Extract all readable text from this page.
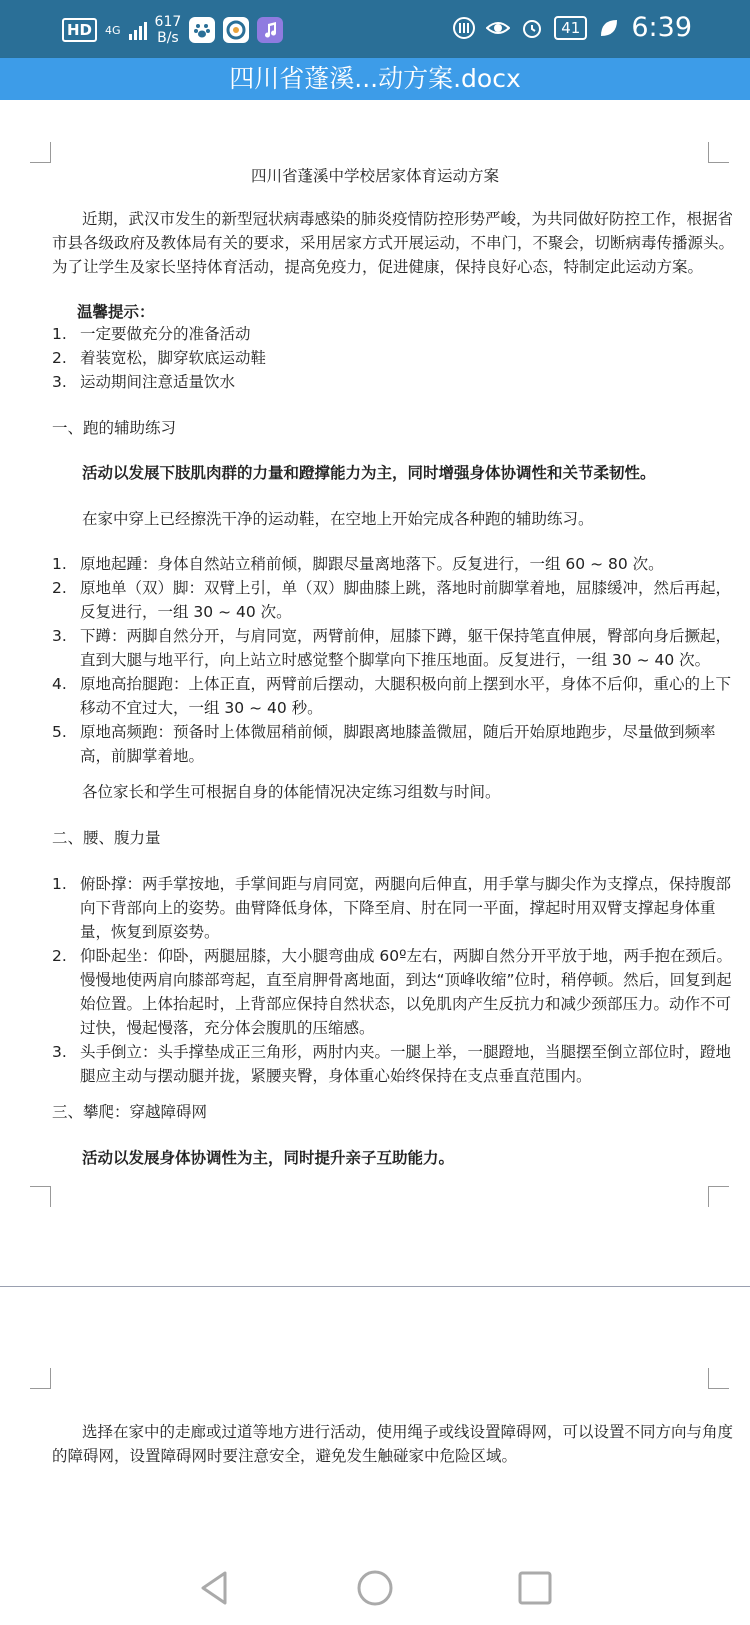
HD	4G 617
B/s
41 6:39
四川省蓬溪...动方案.docx
四川省蓬溪中学校居家体育运动方案
近期，武汉市发生的新型冠状病毒感染的肺炎疫情防控形势严峻，为共同做好防控工作，根据省市县各级政府及教体局有关的要求，采用居家方式开展运动，不串门，不聚会，切断病毒传播源头。为了让学生及家长坚持体育活动，提高免疫力，促进健康，保持良好心态，特制定此运动方案。
温馨提示：
1. 一定要做充分的准备活动
2. 着装宽松，脚穿软底运动鞋
3. 运动期间注意适量饮水
一、跑的辅助练习
活动以发展下肢肌肉群的力量和蹬撑能力为主，同时增强身体协调性和关节柔韧性。
在家中穿上已经擦洗干净的运动鞋，在空地上开始完成各种跑的辅助练习。
1. 原地起踵：身体自然站立稍前倾，脚跟尽量离地落下。反复进行，一组 60 ~ 80 次。
2. 原地单（双）脚：双臂上引，单（双）脚曲膝上跳，落地时前脚掌着地，屈膝缓冲，然后再起，反复进行，一组 30 ~ 40 次。
3. 下蹲：两脚自然分开，与肩同宽，两臂前伸，屈膝下蹲，躯干保持笔直伸展，臀部向身后撅起，直到大腿与地平行，向上站立时感觉整个脚掌向下推压地面。反复进行，一组 30 ~ 40 次。
4. 原地高抬腿跑：上体正直，两臂前后摆动，大腿积极向前上摆到水平，身体不后仰，重心的上下移动不宜过大，一组 30 ~ 40 秒。
5. 原地高频跑：预备时上体微屈稍前倾，脚跟离地膝盖微屈，随后开始原地跑步，尽量做到频率高，前脚掌着地。
各位家长和学生可根据自身的体能情况决定练习组数与时间。
二、腰、腹力量
1. 俯卧撑：两手掌按地，手掌间距与肩同宽，两腿向后伸直，用手掌与脚尖作为支撑点，保持腹部向下背部向上的姿势。曲臂降低身体，下降至肩、肘在同一平面，撑起时用双臂支撑起身体重量，恢复到原姿势。
2. 仰卧起坐：仰卧，两腿屈膝，大小腿弯曲成 60º左右，两脚自然分开平放于地，两手抱在颈后。慢慢地使两肩向膝部弯起，直至肩胛骨离地面，到达“顶峰收缩”位时，稍停顿。然后，回复到起始位置。上体抬起时，上背部应保持自然状态，以免肌肉产生反抗力和减少颈部压力。动作不可过快，慢起慢落，充分体会腹肌的压缩感。
3. 头手倒立：头手撑垫成正三角形，两肘内夹。一腿上举，一腿蹬地，当腿摆至倒立部位时，蹬地腿应主动与摆动腿并拢，紧腰夹臀，身体重心始终保持在支点垂直范围内。
三、攀爬：穿越障碍网
活动以发展身体协调性为主，同时提升亲子互助能力。
选择在家中的走廊或过道等地方进行活动，使用绳子或线设置障碍网，可以设置不同方向与角度的障碍网，设置障碍网时要注意安全，避免发生触碰家中危险区域。
